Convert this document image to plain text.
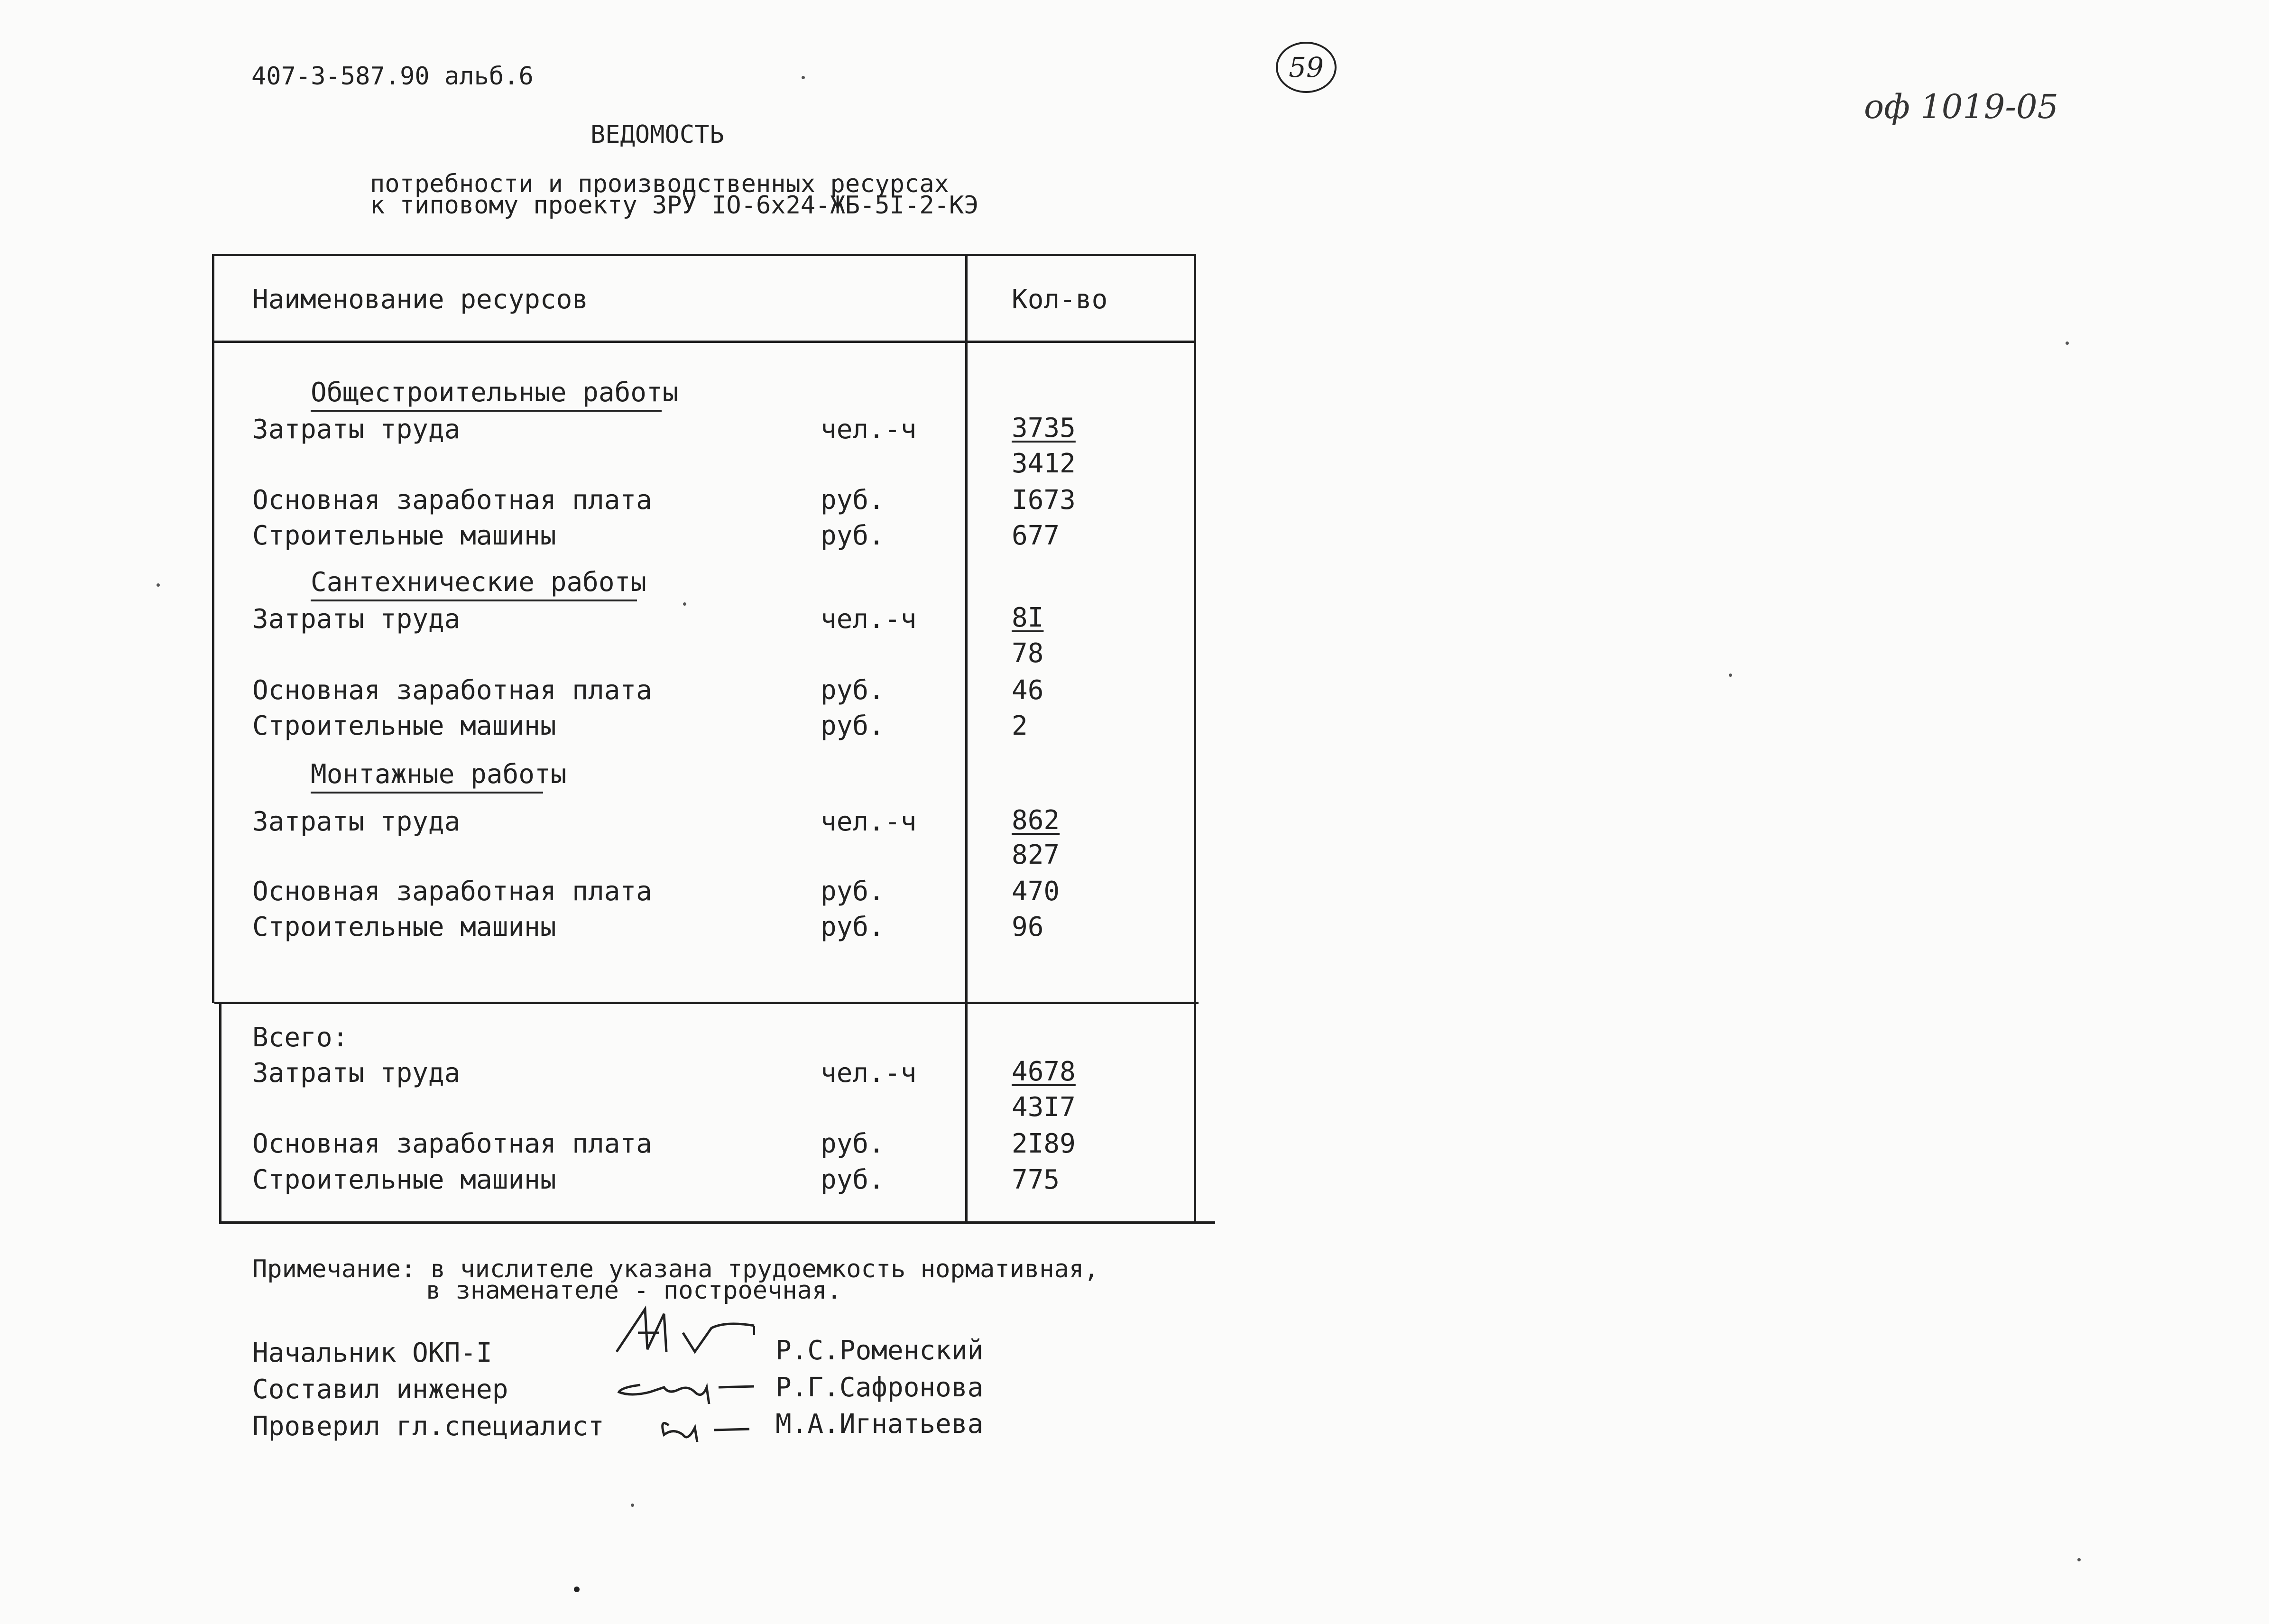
407-3-587.90 альб.6	59
оф 1019-05
ВЕДОМОСТЬ
потребности и производственных ресурсах
к типовому проекту ЗРУ IO-6x24-ЖБ-5I-2-КЭ
Наименование ресурсов	Кол-во
Общестроительные работы
Затраты труда	чел.-ч	3735
3412
Основная заработная плата	руб.	I673
Строительные машины	руб.	677
Сантехнические работы
Затраты труда	чел.-ч	8I
78
Основная заработная плата	руб.	46
Строительные машины	руб.	2
Монтажные работы
Затраты труда	чел.-ч	862
827
Основная заработная плата	руб.	470
Строительные машины	руб.	96
Всего:
Затраты труда	чел.-ч	4678
43I7
Основная заработная плата	руб.	2I89
Строительные машины	руб.	775
Примечание: в числителе указана трудоемкость нормативная,
в знаменателе - построечная.
Начальник ОКП-I	Р.С.Роменский
Составил инженер	Р.Г.Сафронова
Проверил гл.специалист	М.А.Игнатьева
